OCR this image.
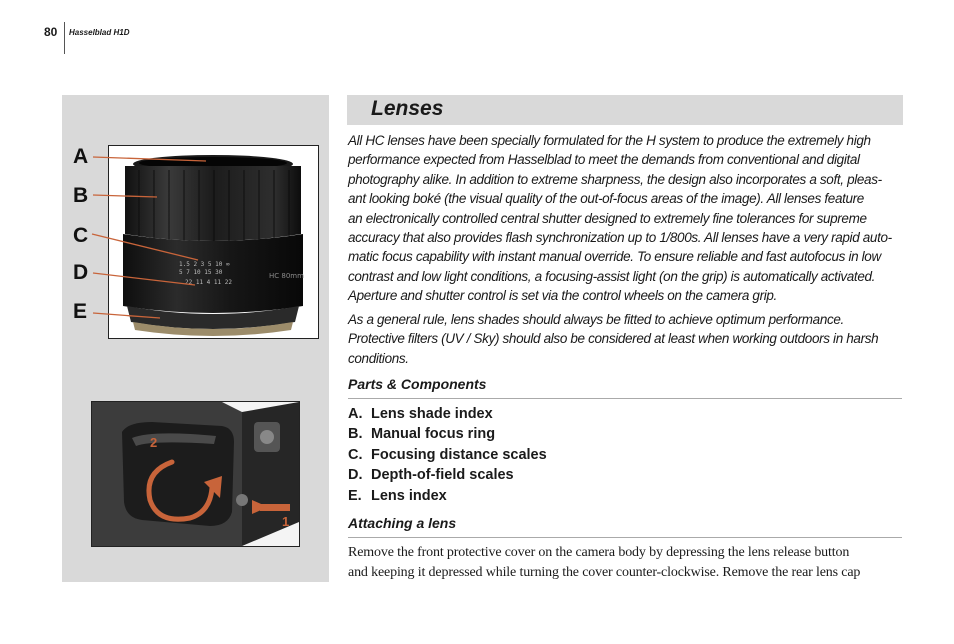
80 Hasselblad H1D
1.5 2 3 5 10 ∞
5 7 10 15 30
22 11 4 11 22
HC 80mm
A
B
C
D
E
2
1
Lenses
All HC lenses have been specially formulated for the H system to produce the extremely high
performance expected from Hasselblad to meet the demands from conventional and digital
photography alike. In addition to extreme sharpness, the design also incorporates a soft, pleas-
ant looking boké (the visual quality of the out-of-focus areas of the image). All lenses feature
an electronically controlled central shutter designed to extremely fine tolerances for supreme
accuracy that also provides flash synchronization up to 1/800s. All lenses have a very rapid auto-
matic focus capability with instant manual override. To ensure reliable and fast autofocus in low
contrast and low light conditions, a focusing-assist light (on the grip) is automatically activated.
Aperture and shutter control is set via the control wheels on the camera grip.
As a general rule, lens shades should always be fitted to achieve optimum performance.
Protective filters (UV / Sky) should also be considered at least when working outdoors in harsh
conditions.
Parts & Components
A. Lens shade index
B. Manual focus ring
C. Focusing distance scales
D. Depth-of-field scales
E. Lens index
Attaching a lens
Remove the front protective cover on the camera body by depressing the lens release button
and keeping it depressed while turning the cover counter-clockwise. Remove the rear lens cap
